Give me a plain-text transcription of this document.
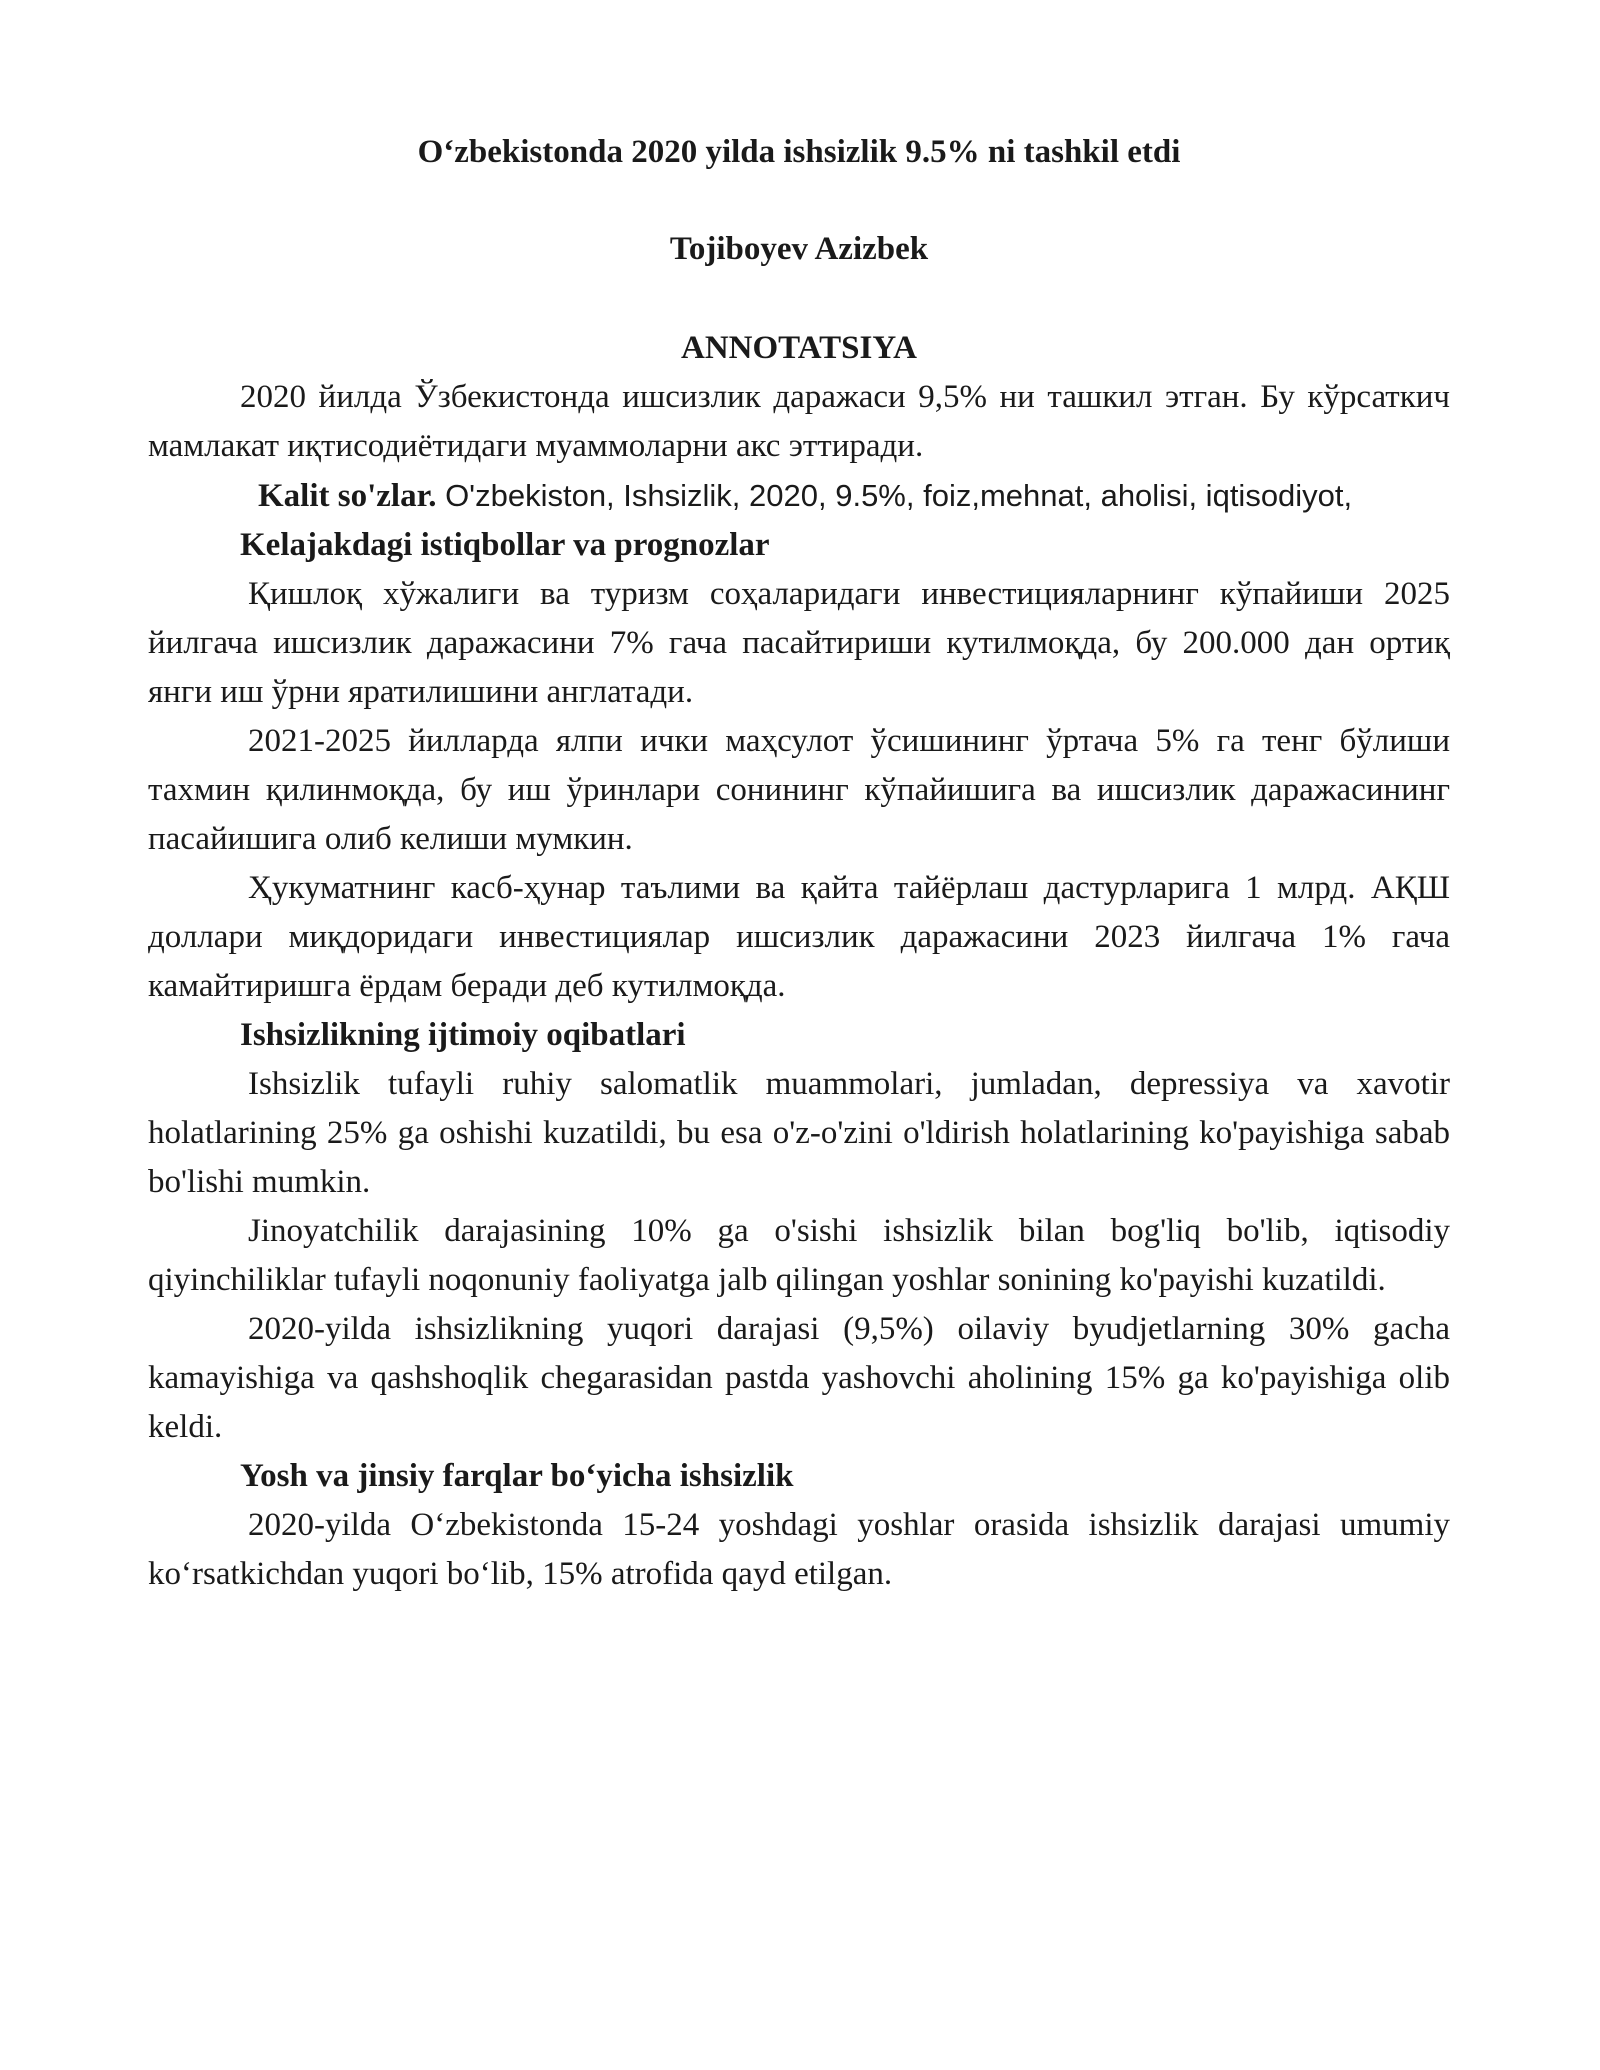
O‘zbekistonda 2020 yilda ishsizlik 9.5% ni tashkil etdi

Tojiboyev Azizbek

ANNOTATSIYA

2020 йилда Ўзбекистонда ишсизлик даражаси 9,5% ни ташкил этган. Бу кўрсаткич мамлакат иқтисодиётидаги муаммоларни акс эттиради.

Kalit so'zlar. O'zbekiston, Ishsizlik, 2020, 9.5%, foiz,mehnat, aholisi, iqtisodiyot,

Kelajakdagi istiqbollar va prognozlar

Қишлоқ хўжалиги ва туризм соҳаларидаги инвестицияларнинг кўпайиши 2025 йилгача ишсизлик даражасини 7% гача пасайтириши кутилмоқда, бу 200.000 дан ортиқ янги иш ўрни яратилишини англатади.

2021-2025 йилларда ялпи ички маҳсулот ўсишининг ўртача 5% га тенг бўлиши тахмин қилинмоқда, бу иш ўринлари сонининг кўпайишига ва ишсизлик даражасининг пасайишига олиб келиши мумкин.

Ҳукуматнинг касб-ҳунар таълими ва қайта тайёрлаш дастурларига 1 млрд. АҚШ доллари миқдоридаги инвестициялар ишсизлик даражасини 2023 йилгача 1% гача камайтиришга ёрдам беради деб кутилмоқда.

Ishsizlikning ijtimoiy oqibatlari

Ishsizlik tufayli ruhiy salomatlik muammolari, jumladan, depressiya va xavotir holatlarining 25% ga oshishi kuzatildi, bu esa o'z-o'zini o'ldirish holatlarining ko'payishiga sabab bo'lishi mumkin.

Jinoyatchilik darajasining 10% ga o'sishi ishsizlik bilan bog'liq bo'lib, iqtisodiy qiyinchiliklar tufayli noqonuniy faoliyatga jalb qilingan yoshlar sonining ko'payishi kuzatildi.

2020-yilda ishsizlikning yuqori darajasi (9,5%) oilaviy byudjetlarning 30% gacha kamayishiga va qashshoqlik chegarasidan pastda yashovchi aholining 15% ga ko'payishiga olib keldi.

Yosh va jinsiy farqlar bo‘yicha ishsizlik

2020-yilda O‘zbekistonda 15-24 yoshdagi yoshlar orasida ishsizlik darajasi umumiy ko‘rsatkichdan yuqori bo‘lib, 15% atrofida qayd etilgan.
